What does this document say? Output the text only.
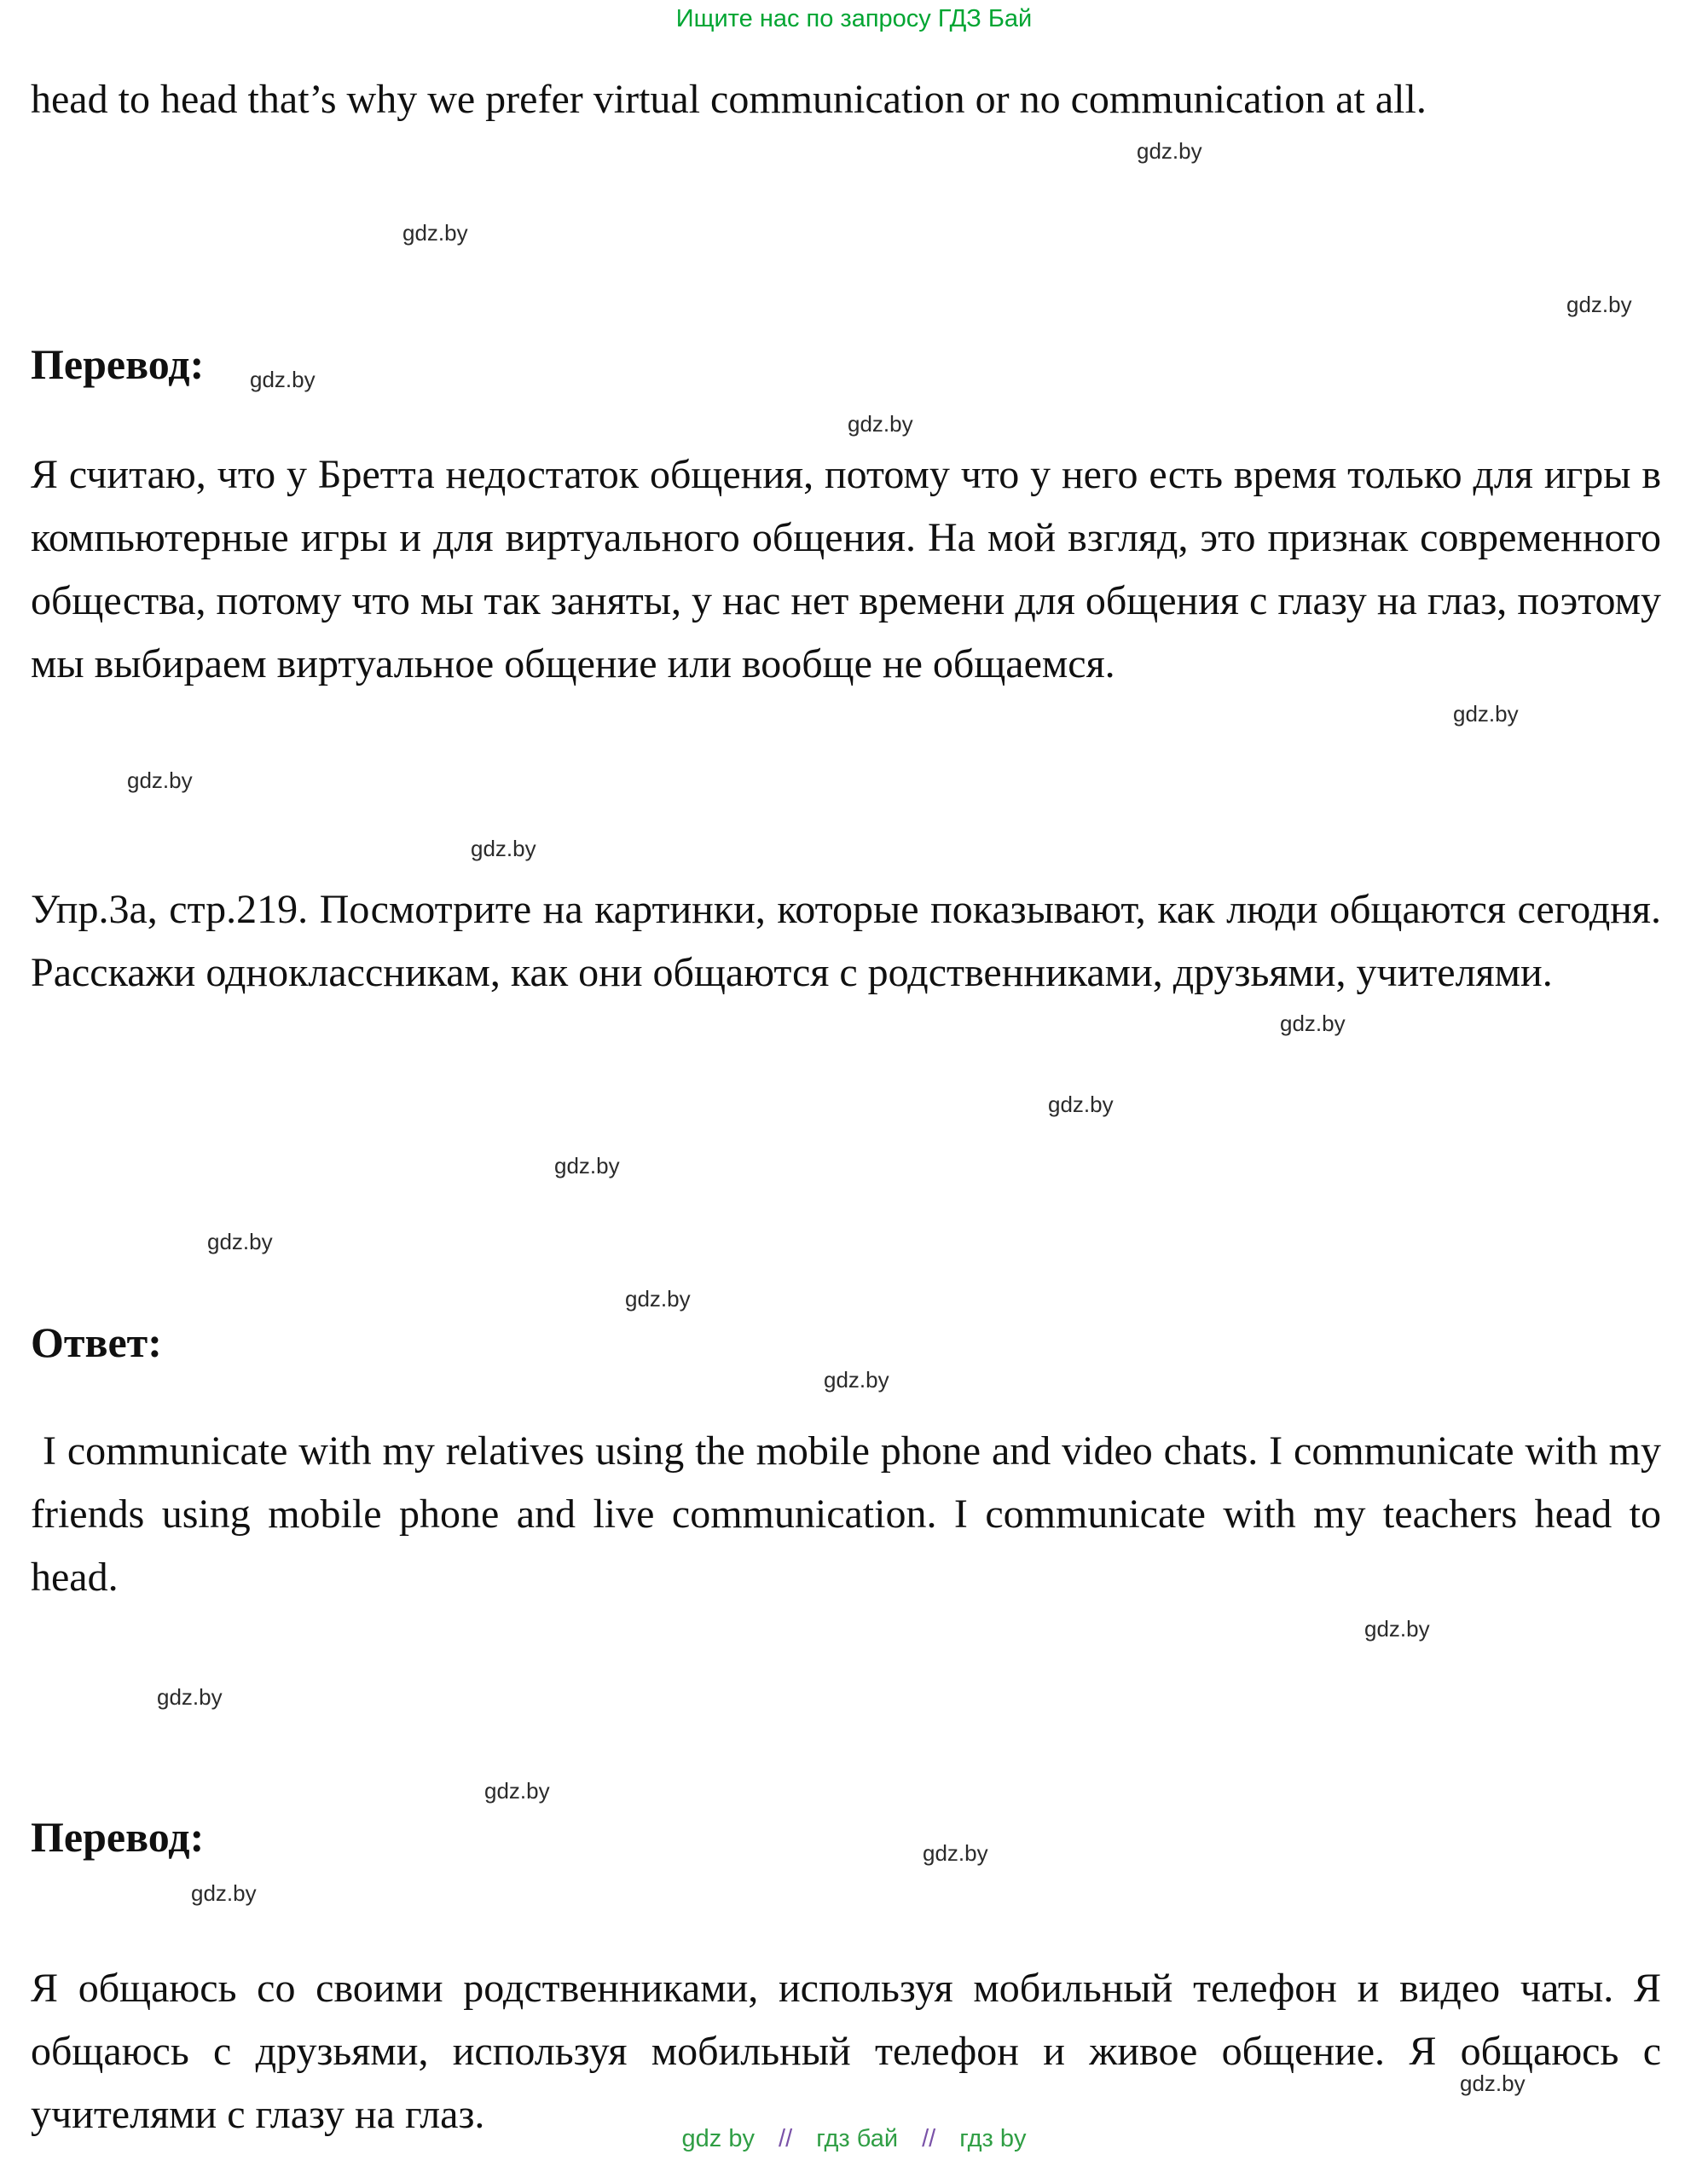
Ищите нас по запросу ГДЗ Бай
head to head that’s why we prefer virtual communication or no communication at all.
Перевод:
Я считаю, что у Бретта недостаток общения, потому что у него есть время только для игры в компьютерные игры и для виртуального общения. На мой взгляд, это признак современного общества, потому что мы так заняты, у нас нет времени для общения с глазу на глаз, поэтому мы выбираем виртуальное общение или вообще не общаемся.
Упр.3а, стр.219. Посмотрите на картинки, которые показывают, как люди общаются сегодня. Расскажи одноклассникам, как они общаются с родственниками, друзьями, учителями.
Ответ:
I communicate with my relatives using the mobile phone and video chats. I communicate with my friends using mobile phone and live communication. I communicate with my teachers head to head.
Перевод:
Я общаюсь со своими родственниками, используя мобильный телефон и видео чаты. Я общаюсь с друзьями, используя мобильный телефон и живое общение. Я общаюсь с учителями с глазу на глаз.
gdz.by
gdz.by
gdz.by
gdz.by
gdz.by
gdz.by
gdz.by
gdz.by
gdz.by
gdz.by
gdz.by
gdz.by
gdz.by
gdz.by
gdz.by
gdz.by
gdz.by
gdz.by
gdz.by
gdz.by
gdz by // гдз бай // гдз by
